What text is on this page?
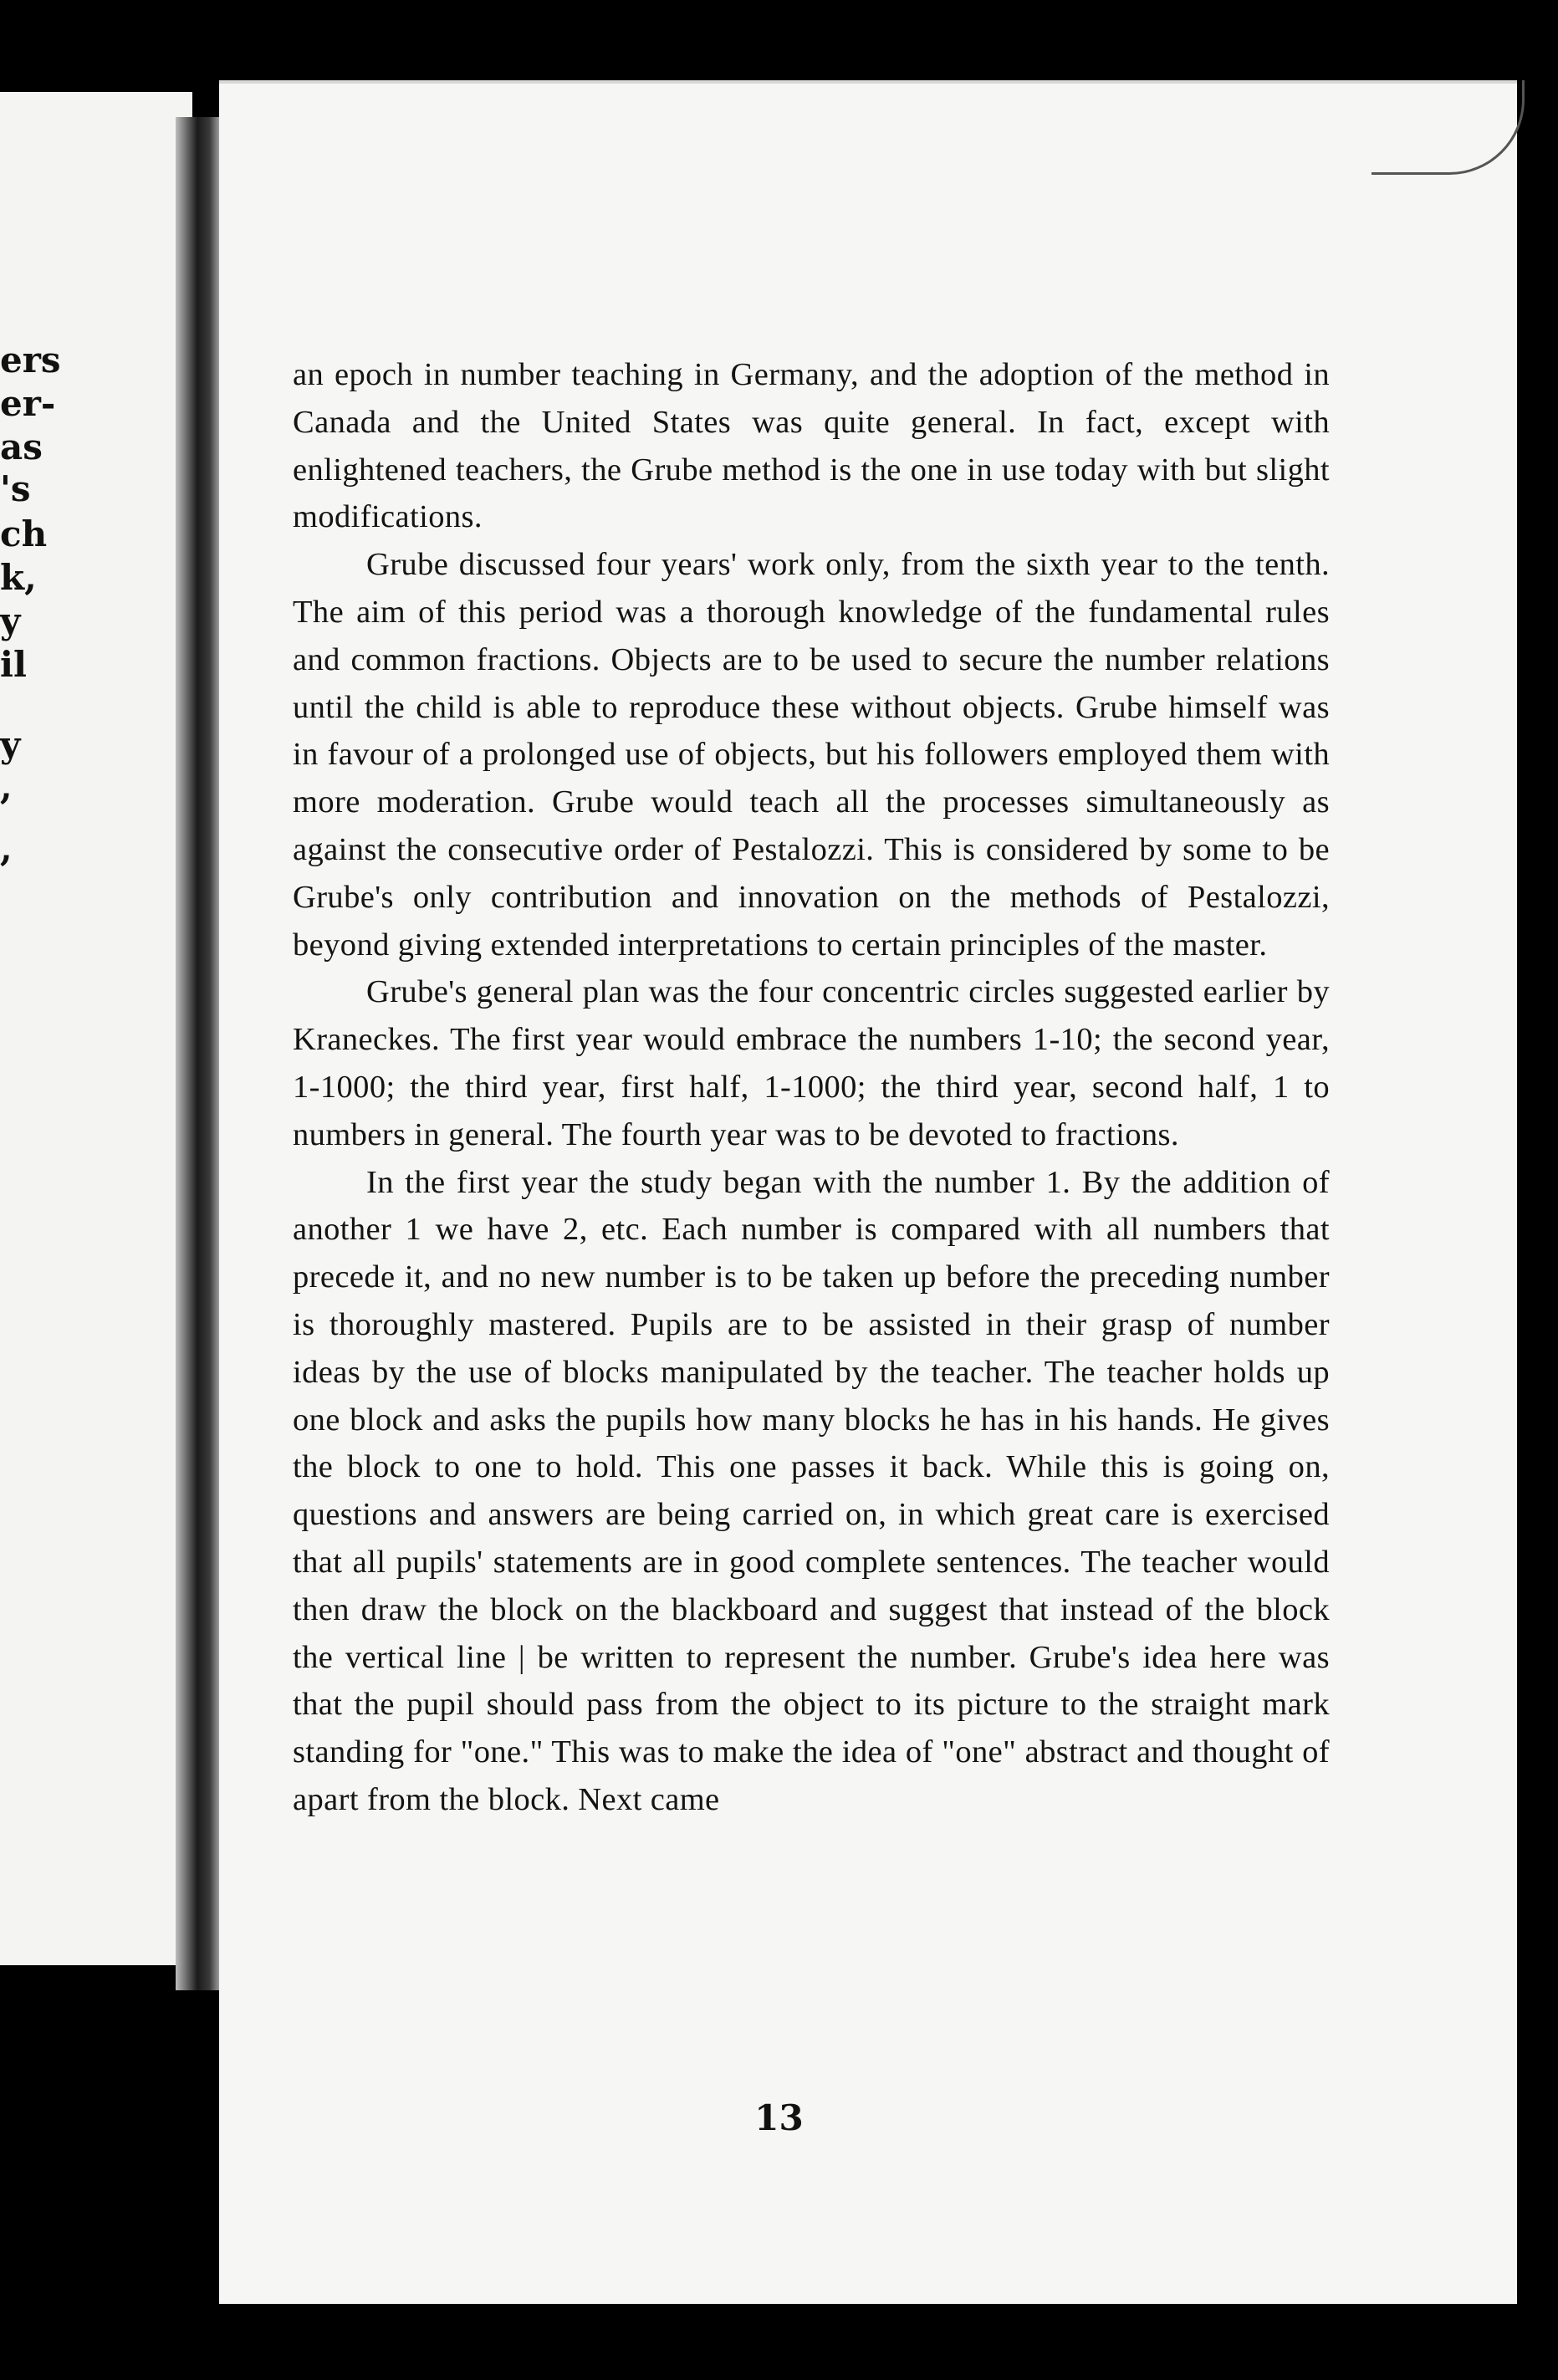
ers
er-
as
's
ch
k,
y
il
y
,
,

an epoch in number teaching in Germany, and the adoption of the method in Canada and the United States was quite general. In fact, except with enlightened teachers, the Grube method is the one in use today with but slight modifications.

Grube discussed four years' work only, from the sixth year to the tenth. The aim of this period was a thorough knowledge of the fundamental rules and common fractions. Objects are to be used to secure the number relations until the child is able to reproduce these without objects. Grube himself was in favour of a prolonged use of objects, but his followers employed them with more moderation. Grube would teach all the processes simultaneously as against the consecutive order of Pestalozzi. This is considered by some to be Grube's only contribution and innovation on the methods of Pestalozzi, beyond giving extended interpretations to certain principles of the master.

Grube's general plan was the four concentric circles suggested earlier by Kraneckes. The first year would embrace the numbers 1-10; the second year, 1-1000; the third year, first half, 1-1000; the third year, second half, 1 to numbers in general. The fourth year was to be devoted to fractions.

In the first year the study began with the number 1. By the addition of another 1 we have 2, etc. Each number is compared with all numbers that precede it, and no new number is to be taken up before the preceding number is thoroughly mastered. Pupils are to be assisted in their grasp of number ideas by the use of blocks manipulated by the teacher. The teacher holds up one block and asks the pupils how many blocks he has in his hands. He gives the block to one to hold. This one passes it back. While this is going on, questions and answers are being carried on, in which great care is exercised that all pupils' statements are in good complete sentences. The teacher would then draw the block on the blackboard and suggest that instead of the block the vertical line | be written to represent the number. Grube's idea here was that the pupil should pass from the object to its picture to the straight mark standing for "one." This was to make the idea of "one" abstract and thought of apart from the block. Next came

13
